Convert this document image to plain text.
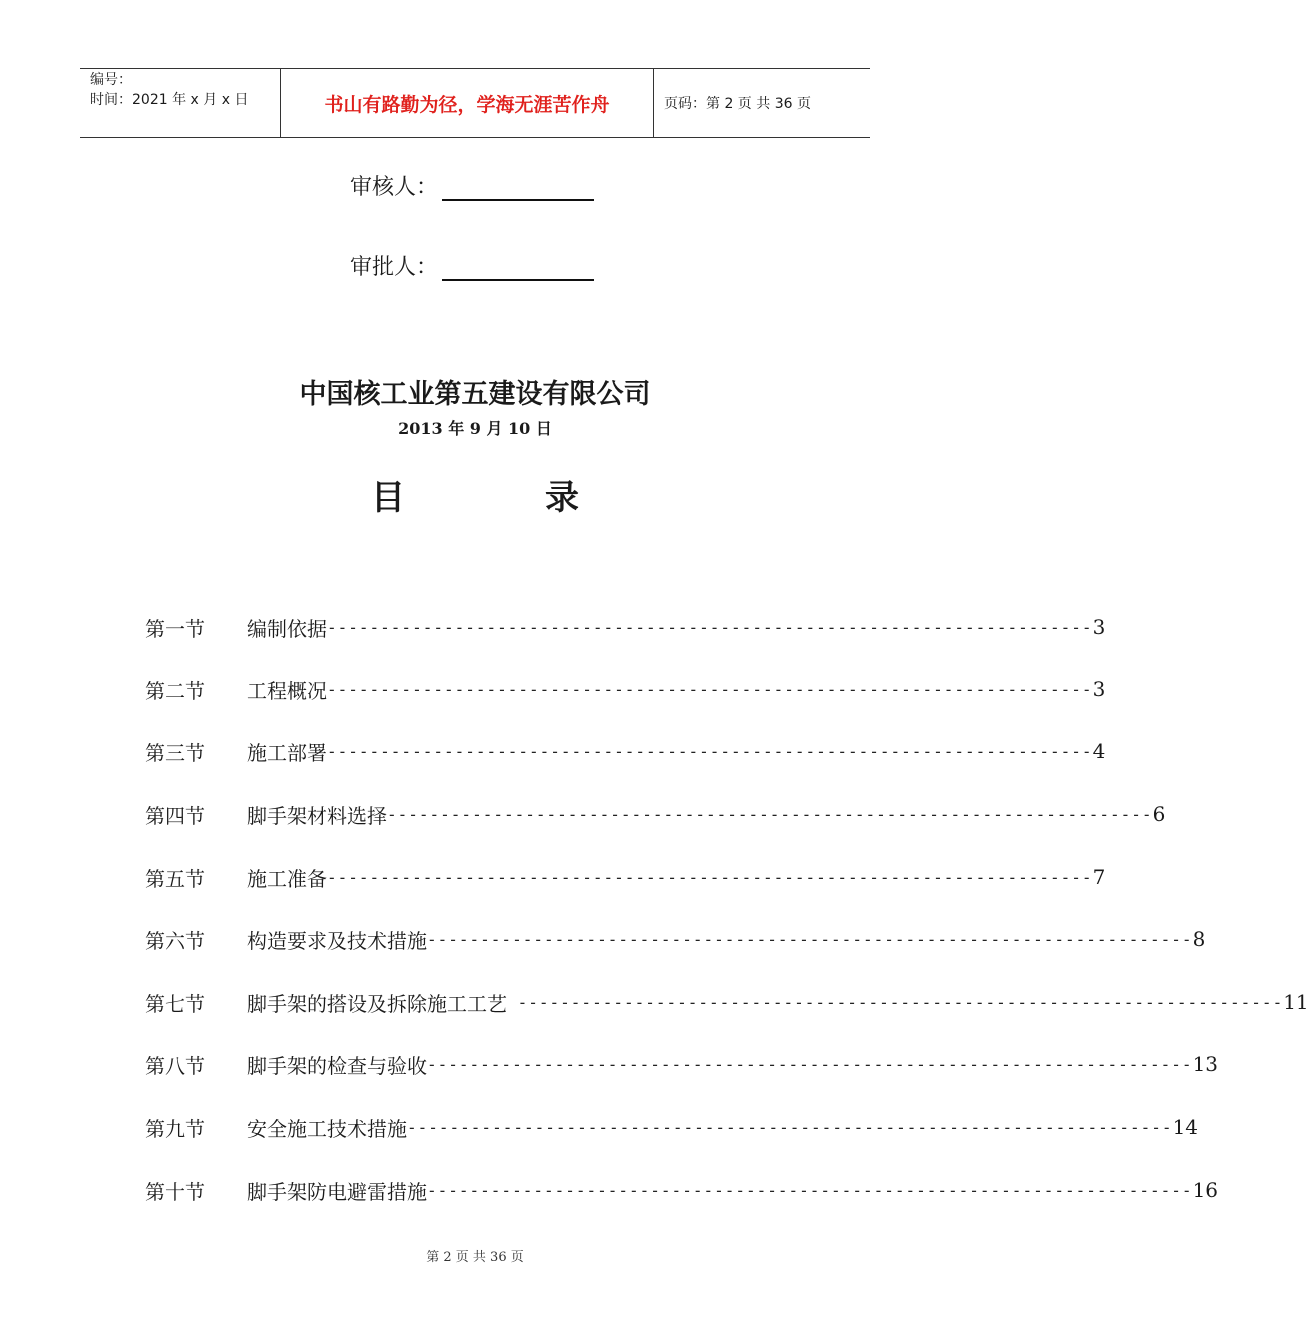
编号：
时间：2021 年 x 月 x 日	书山有路勤为径，学海无涯苦作舟	页码：第 2 页 共 36 页
审核人：
审批人：
中国核工业第五建设有限公司
2013 年 9 月 10 日
目	录
第一节	编制依据 ------------------------------------------------------------------------ 3
第二节	工程概况 ------------------------------------------------------------------------ 3
第三节	施工部署 ------------------------------------------------------------------------ 4
第四节	脚手架材料选择 ------------------------------------------------------------------------ 6
第五节	施工准备 ------------------------------------------------------------------------ 7
第六节	构造要求及技术措施 ------------------------------------------------------------------------ 8
第七节	脚手架的搭设及拆除施工工艺 ------------------------------------------------------------------------ 11
第八节	脚手架的检查与验收 ------------------------------------------------------------------------ 13
第九节	安全施工技术措施 ------------------------------------------------------------------------ 14
第十节	脚手架防电避雷措施 ------------------------------------------------------------------------ 16
第 2 页 共 36 页
